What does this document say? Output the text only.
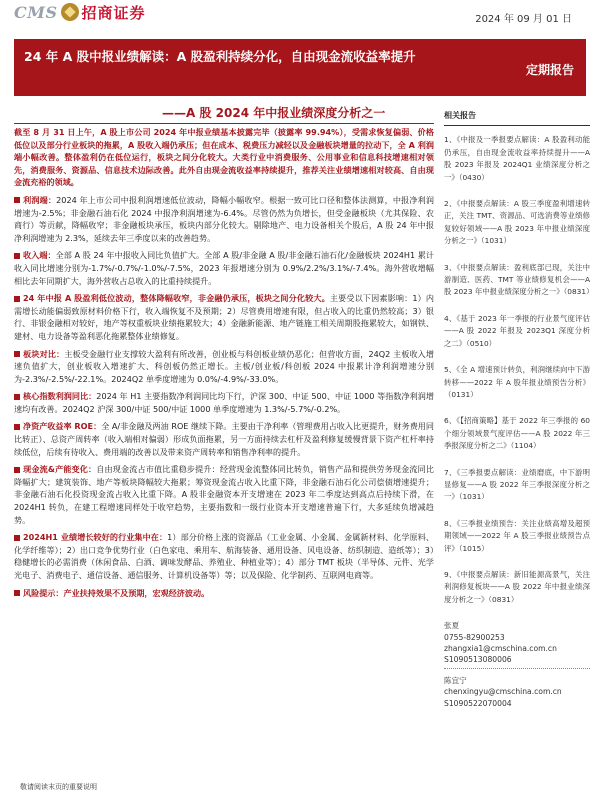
CMS 招商证券	2024 年 09 月 01 日
24 年 A 股中报业绩解读：A 股盈利持续分化，自由现金流收益率提升
定期报告
——A 股 2024 年中报业绩深度分析之一

截至 8 月 31 日上午，A 股上市公司 2024 年中报业绩基本披露完毕（披露率 99.94%），受需求恢复偏弱、价格低位以及部分行业板块的拖累，A 股收入端仍承压；但在成本、税费压力减轻以及金融板块增量的拉动下，全 A 利润端小幅改善。整体盈利仍在低位运行，板块之间分化较大。大类行业中消费服务、公用事业和信息科技增速相对领先，消费服务、资源品、信息技术边际改善。此外自由现金流收益率持续提升，推荐关注业绩增速相对较高、自由现金流充裕的领域。

利润端：2024 年上市公司中报利润增速低位波动，降幅小幅收窄。根据一致可比口径和整体法测算，中报净利润增速为-2.5%；非金融石油石化 2024 中报净利润增速为-6.4%。尽管仍然为负增长，但受金融板块（尤其保险、农商行）等贡献，降幅收窄；非金融板块承压，板块内部分化较大。剔除地产、电力设备相关个股后，A 股 24 年中报净利润增速为 2.3%，延续去年三季度以来的改善趋势。

收入端：全部 A 股 24 年中报收入同比负值扩大。全部 A 股/非金融 A 股/非金融石油石化/金融板块 2024H1 累计收入同比增速分别为-1.7%/-0.7%/-1.0%/-7.5%，2023 年报增速分别为 0.9%/2.2%/3.1%/-7.4%。海外营收增幅相比去年同期扩大，海外营收占总收入的比重持续提升。

24 年中报 A 股盈利低位波动，整体降幅收窄，非金融仍承压，板块之间分化较大。主要受以下因素影响：1）内需增长动能偏弱致原材料价格下行，收入端恢复不及预期；2）尽管费用增速有限，但占收入的比重仍然较高；3）银行、非银金融相对较好，地产等权重板块业绩拖累较大；4）金融新能源、地产链施工相关周期股拖累较大，如钢铁、建材、电力设备等盈利恶化拖累整体业绩修复。

板块对比：主板受金融行业支撑较大盈利有所改善，创业板与科创板业绩仍恶化；但营收方面，24Q2 主板收入增速负值扩大，创业板收入增速扩大、科创板仍然正增长。主板/创业板/科创板 2024 中报累计净利润增速分别为-2.3%/-2.5%/-22.1%。2024Q2 单季度增速为 0.0%/-4.9%/-33.0%。

核心指数利润同比：2024 年 H1 主要指数净利润同比均下行，沪深 300、中证 500、中证 1000 等指数净利润增速均有改善。2024Q2 沪深 300/中证 500/中证 1000 单季度增速为 1.3%/-5.7%/-0.2%。

净资产收益率 ROE：全 A/非金融及两油 ROE 继续下降。主要由于净利率（管理费用占收入比更提升，财务费用同比转正）、总资产周转率（收入端相对偏弱）形成负面拖累，另一方面持续去杠杆及盈利修复缓慢背景下资产杠杆率持续低位，后续有待收入、费用端的改善以及带来资产周转率和销售净利率的提升。

现金流&产能变化：自由现金流占市值比重稳步提升：经营现金流整体同比转负，销售产品和提供劳务现金流同比降幅扩大；建筑装饰、地产等板块降幅较大拖累；筹资现金流占收入比重下降，非金融石油石化公司偿债增速提升；非金融石油石化投资现金流占收入比重下降。A 股非金融资本开支增速在 2023 年二季度达到高点后持续下滑，在 2024H1 转负，在建工程增速同样处于收窄趋势，主要指数和一级行业资本开支增速普遍下行，大多延续负增减趋势。

2024H1 业绩增长较好的行业集中在：1）部分价格上涨的资源品（工业金属、小金属、金属新材料、化学原料、化学纤维等）；2）出口竞争优势行业（白色家电、乘用车、航海装备、通用设备、风电设备、纺织制造、造纸等）；3）稳健增长的必需消费（休闲食品、白酒、调味发酵品、养殖业、种植业等）；4）部分 TMT 板块（半导体、元件、光学光电子、消费电子、通信设备、通信服务、计算机设备等）等；以及保险、化学制药、互联网电商等。

风险提示：产业扶持效果不及预期，宏观经济波动。

相关报告
1、《中报及一季报要点解读：A 股盈利动能仍承压，自由现金流收益率持续提升——A 股 2023 年报及 2024Q1 业绩深度分析之一》（0430）
2、《中报要点解读：A 股三季度盈利增速转正，关注 TMT、资源品、可选消费等业绩修复较好领域——A 股 2023 年中报业绩深度分析之一》（1031）
3、《中报要点解读：盈利底部已现，关注中游制造、医药、TMT 等业绩修复机会——A 股 2023 年中报业绩深度分析之一》（0831）
4、《基于 2023 年一季报的行业景气度评估——A 股 2022 年报及 2023Q1 深度分析之二》（0510）
5、《全 A 增速预计转负，利润继续向中下游转移——2022 年 A 股年报业绩预告分析》（0131）
6、《【招商策略】基于 2022 年三季报的 60 个细分领域景气度评估——A 股 2022 年三季报深度分析之二》（1104）
7、《三季报要点解读：业绩磨底，中下游明显修复——A 股 2022 年三季报深度分析之一》（1031）
8、《三季报业绩预告：关注业绩高增及超预期领域——2022 年 A 股三季报业绩预告点评》（1015）
9、《中报要点解读：新旧能源高景气，关注利润修复板块——A 股 2022 年中报业绩深度分析之一》（0831）
张夏
0755-82900253
zhangxia1@cmschina.com.cn
S1090513080006
陈宜宁
chenxingyu@cmschina.com.cn
S1090522070004
敬请阅读末页的重要说明
